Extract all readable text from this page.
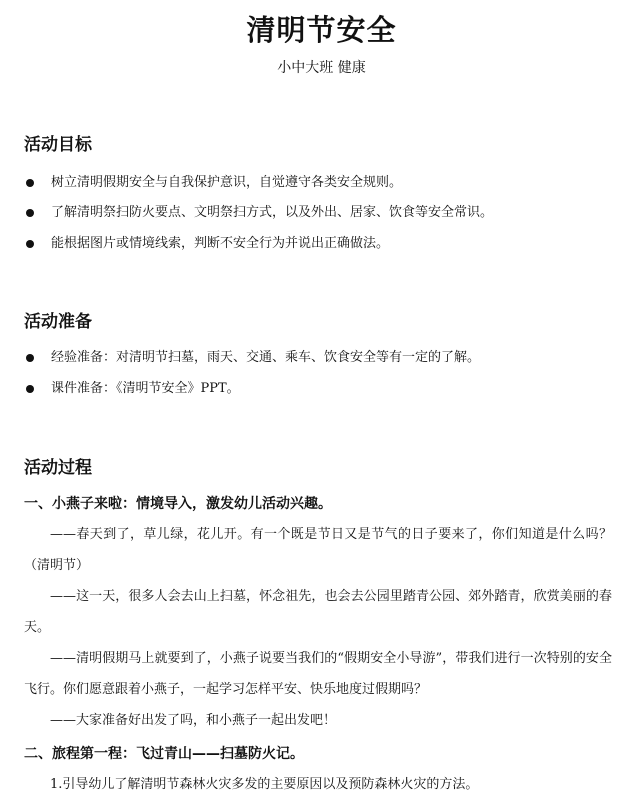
清明节安全
小中大班 健康
活动目标
树立清明假期安全与自我保护意识，自觉遵守各类安全规则。
了解清明祭扫防火要点、文明祭扫方式，以及外出、居家、饮食等安全常识。
能根据图片或情境线索，判断不安全行为并说出正确做法。
活动准备
经验准备：对清明节扫墓，雨天、交通、乘车、饮食安全等有一定的了解。
课件准备：《清明节安全》PPT。
活动过程
一、小燕子来啦：情境导入，激发幼儿活动兴趣。
——春天到了，草儿绿，花儿开。有一个既是节日又是节气的日子要来了，你们知道是什么吗？（清明节）
——这一天，很多人会去山上扫墓，怀念祖先，也会去公园里踏青公园、郊外踏青，欣赏美丽的春天。
——清明假期马上就要到了，小燕子说要当我们的“假期安全小导游”，带我们进行一次特别的安全飞行。你们愿意跟着小燕子，一起学习怎样平安、快乐地度过假期吗？
——大家准备好出发了吗，和小燕子一起出发吧！
二、旅程第一程：飞过青山——扫墓防火记。
1.引导幼儿了解清明节森林火灾多发的主要原因以及预防森林火灾的方法。
